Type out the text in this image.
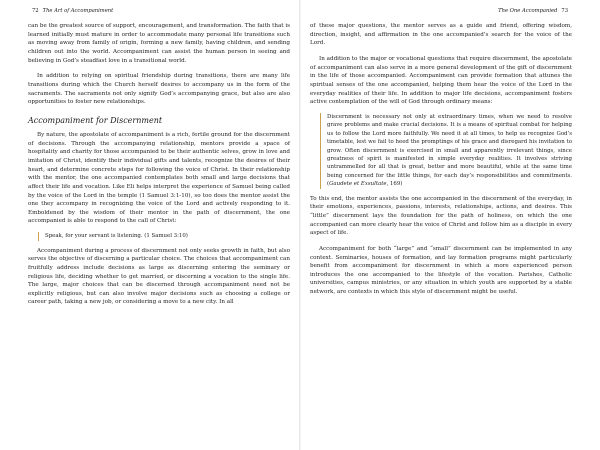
72 The Art of Accompaniment

can be the greatest source of support, encouragement, and transformation. The faith that is learned initially must mature in order to accommodate many personal life transitions such as moving away from family of origin, forming a new family, having children, and sending children out into the world. Accompaniment can assist the human person in seeing and believing in God’s steadfast love in a transitional world.

In addition to relying on spiritual friendship during transitions, there are many life transitions during which the Church herself desires to accompany us in the form of the sacraments. The sacraments not only signify God’s accompanying grace, but also are also opportunities to foster new relationships.

Accompaniment for Discernment

By nature, the apostolate of accompaniment is a rich, fertile ground for the discernment of decisions. Through the accompanying relationship, mentors provide a space of hospitality and charity for those accompanied to be their authentic selves, grow in love and imitation of Christ, identify their individual gifts and talents, recognize the desires of their heart, and determine concrete steps for following the voice of Christ. In their relationship with the mentor, the one accompanied contemplates both small and large decisions that affect their life and vocation. Like Eli helps interpret the experience of Samuel being called by the voice of the Lord in the temple (1 Samuel 3:1-10), so too does the mentor assist the one they accompany in recognizing the voice of the Lord and actively responding to it. Emboldened by the wisdom of their mentor in the path of discernment, the one accompanied is able to respond to the call of Christ:

Speak, for your servant is listening. (1 Samuel 3:10)

Accompaniment during a process of discernment not only seeks growth in faith, but also serves the objective of discerning a particular choice. The choices that accompaniment can fruitfully address include decisions as large as discerning entering the seminary or religious life, deciding whether to get married, or discerning a vocation to the single life. The large, major choices that can be discerned through accompaniment need not be explicitly religious, but can also involve major decisions such as choosing a college or career path, taking a new job, or considering a move to a new city. In all

The One Accompanied 73

of these major questions, the mentor serves as a guide and friend, offering wisdom, direction, insight, and affirmation in the one accompanied’s search for the voice of the Lord.

In addition to the major or vocational questions that require discernment, the apostolate of accompaniment can also serve in a more general development of the gift of discernment in the life of those accompanied. Accompaniment can provide formation that attunes the spiritual senses of the one accompanied, helping them hear the voice of the Lord in the everyday realities of their life. In addition to major life decisions, accompaniment fosters active contemplation of the will of God through ordinary means:

Discernment is necessary not only at extraordinary times, when we need to resolve grave problems and make crucial decisions. It is a means of spiritual combat for helping us to follow the Lord more faithfully. We need it at all times, to help us recognize God’s timetable, lest we fail to heed the promptings of his grace and disregard his invitation to grow. Often discernment is exercised in small and apparently irrelevant things, since greatness of spirit is manifested in simple everyday realities. It involves striving untrammelled for all that is great, better and more beautiful, while at the same time being concerned for the little things, for each day’s responsibilities and commitments. (Gaudete et Exsultate, 169)

To this end, the mentor assists the one accompanied in the discernment of the everyday, in their emotions, experiences, passions, interests, relationships, actions, and desires. This “little” discernment lays the foundation for the path of holiness, on which the one accompanied can more clearly hear the voice of Christ and follow him as a disciple in every aspect of life.

Accompaniment for both “large” and “small” discernment can be implemented in any context. Seminaries, houses of formation, and lay formation programs might particularly benefit from accompaniment for discernment in which a more experienced person introduces the one accompanied to the lifestyle of the vocation. Parishes, Catholic universities, campus ministries, or any situation in which youth are supported by a stable network, are contexts in which this style of discernment might be useful.
